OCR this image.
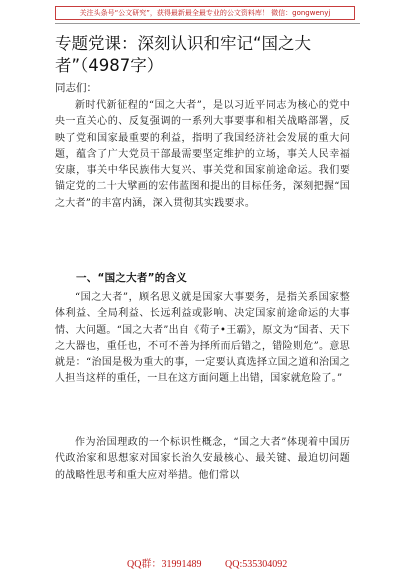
关注头条号“公文研究”，获得最新最全最专业的公文资料库！ 微信：gongwenyj
专题党课：深刻认识和牢记“国之大者”（4987字）
同志们：

新时代新征程的“国之大者”，是以习近平同志为核心的党中央一直关心的、反复强调的一系列大事要事和相关战略部署，反映了党和国家最重要的利益，指明了我国经济社会发展的重大问题，蕴含了广大党员干部最需要坚定维护的立场，事关人民幸福安康，事关中华民族伟大复兴、事关党和国家前途命运。我们要锚定党的二十大擘画的宏伟蓝图和提出的目标任务，深刻把握“国之大者”的丰富内涵，深入贯彻其实践要求。

一、“国之大者”的含义

“国之大者”，顾名思义就是国家大事要务，是指关系国家整体利益、全局利益、长远利益或影响、决定国家前途命运的大事情、大问题。“国之大者”出自《荀子•王霸》，原文为“国者、天下之大器也，重任也，不可不善为择所而后错之，错险则危”。意思就是：“治国是极为重大的事，一定要认真选择立国之道和治国之人担当这样的重任，一旦在这方面问题上出错，国家就危险了。”

作为治国理政的一个标识性概念，“国之大者”体现着中国历代政治家和思想家对国家长治久安最核心、最关键、最迫切问题的战略性思考和重大应对举措。他们常以

QQ群：31991489 QQ:535304092
